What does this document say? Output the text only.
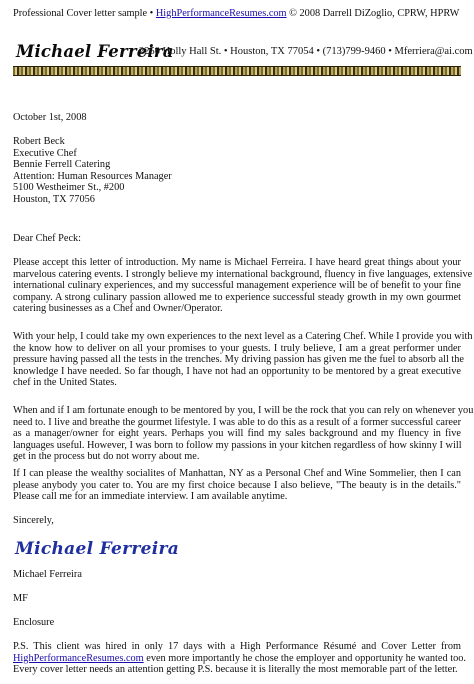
Professional Cover letter sample • HighPerformanceResumes.com © 2008 Darrell DiZoglio, CPRW, HPRW
Michael Ferreira
2250 Holly Hall St. • Houston, TX 77054 • (713)799-9460 • Mferriera@ai.com
October 1st, 2008
Robert Beck
Executive Chef
Bennie Ferrell Catering
Attention: Human Resources Manager
5100 Westheimer St., #200
Houston, TX 77056
Dear Chef Peck:
Please accept this letter of introduction. My name is Michael Ferreira. I have heard great things about your
marvelous catering events. I strongly believe my international background, fluency in five languages, extensive
international culinary experiences, and my successful management experience will be of benefit to your fine
company. A strong culinary passion allowed me to experience successful steady growth in my own gourmet
catering businesses as a Chef and Owner/Operator.
With your help, I could take my own experiences to the next level as a Catering Chef. While I provide you with
the know how to deliver on all your promises to your guests. I truly believe, I am a great performer under
pressure having passed all the tests in the trenches. My driving passion has given me the fuel to absorb all the
knowledge I have needed. So far though, I have not had an opportunity to be mentored by a great executive
chef in the United States.
When and if I am fortunate enough to be mentored by you, I will be the rock that you can rely on whenever you
need to. I live and breathe the gourmet lifestyle. I was able to do this as a result of a former successful career
as a manager/owner for eight years. Perhaps you will find my sales background and my fluency in five
languages useful. However, I was born to follow my passions in your kitchen regardless of how skinny I will
get in the process but do not worry about me.
If I can please the wealthy socialites of Manhattan, NY as a Personal Chef and Wine Sommelier, then I can
please anybody you cater to. You are my first choice because I also believe, "The beauty is in the details."
Please call me for an immediate interview. I am available anytime.
Sincerely,
Michael Ferreira
Michael Ferreira
MF
Enclosure
P.S. This client was hired in only 17 days with a High Performance Résumé and Cover Letter from
HighPerformanceResumes.com even more importantly he chose the employer and opportunity he wanted too.
Every cover letter needs an attention getting P.S. because it is literally the most memorable part of the letter.
